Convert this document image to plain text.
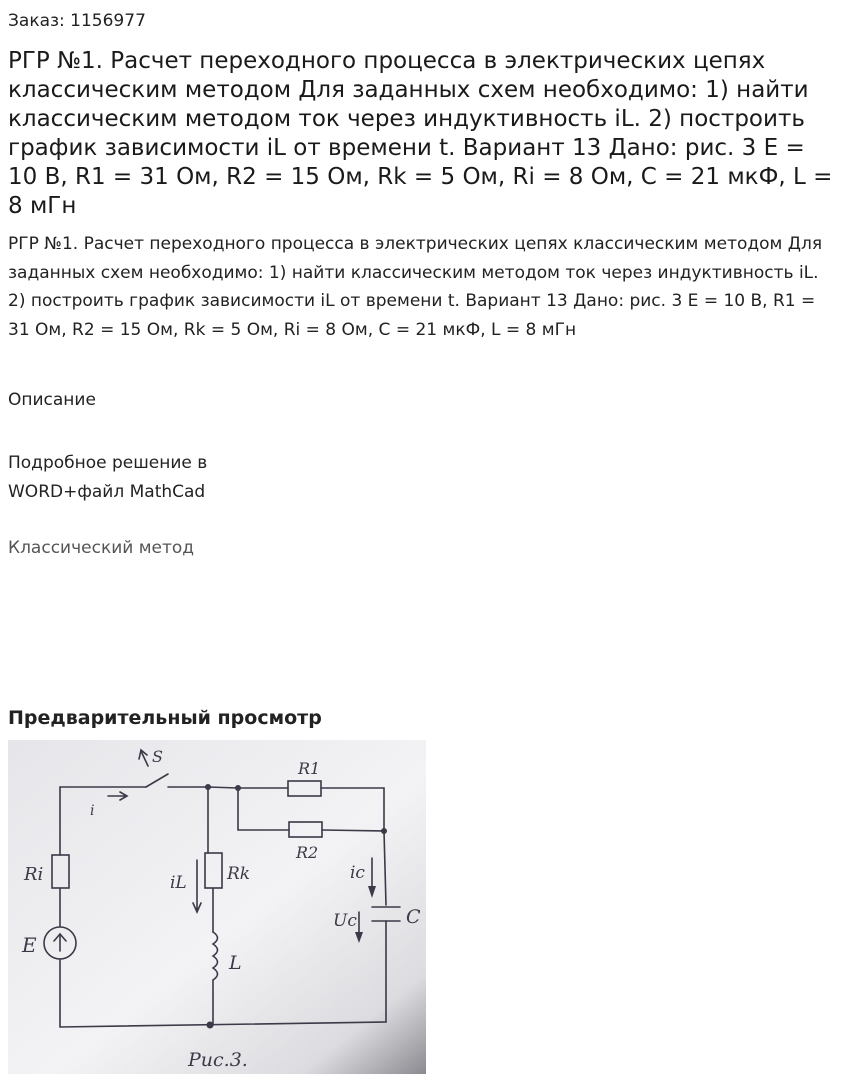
Заказ: 1156977
РГР №1. Расчет переходного процесса в электрических цепях классическим методом Для заданных схем необходимо: 1) найти классическим методом ток через индуктивность iL. 2) построить график зависимости iL от времени t. Вариант 13 Дано: рис. 3 E = 10 B, R1 = 31 Ом, R2 = 15 Ом, Rk = 5 Ом, Ri = 8 Ом, C = 21 мкФ, L = 8 мГн

РГР №1. Расчет переходного процесса в электрических цепях классическим методом Для заданных схем необходимо: 1) найти классическим методом ток через индуктивность iL. 2) построить график зависимости iL от времени t. Вариант 13 Дано: рис. 3 E = 10 B, R1 = 31 Ом, R2 = 15 Ом, Rk = 5 Ом, Ri = 8 Ом, C = 21 мкФ, L = 8 мГн

Описание
Подробное решение в
WORD+файл MathCad
Классический метод
Предварительный просмотр
S
i
Ri
E
iL Rk
L
R1
R2
ic
Uc	C
Рис.3.
